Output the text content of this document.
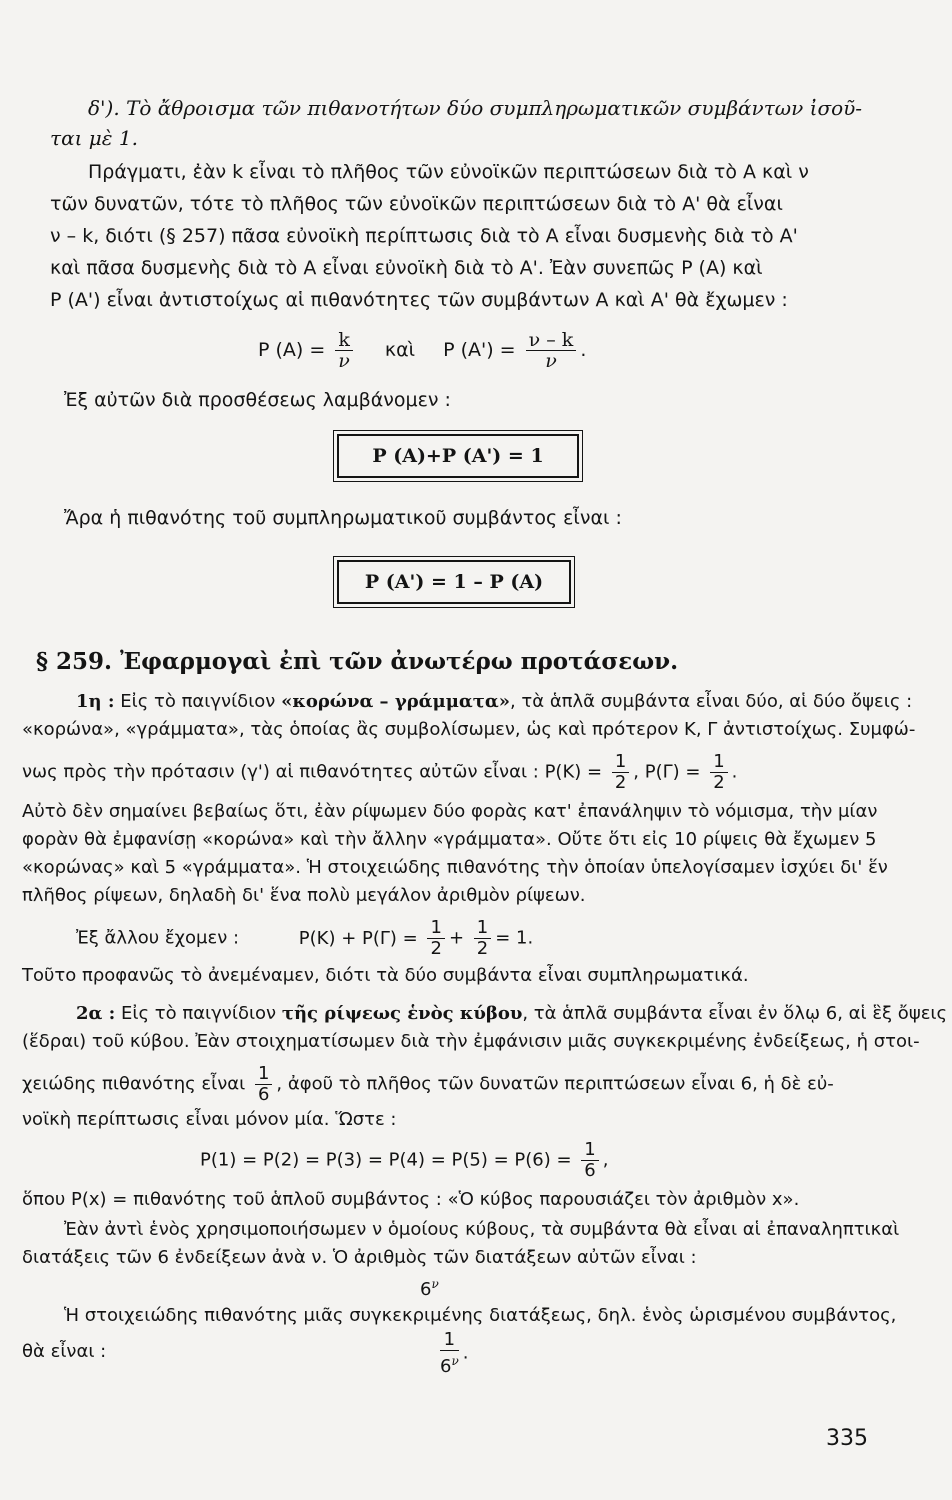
δ'). Τὸ ἄθροισμα τῶν πιθανοτήτων δύο συμπληρωματικῶν συμβάντων ἰσοῦ-
ται μὲ 1.
Πράγματι, ἐὰν k εἶναι τὸ πλῆθος τῶν εὐνοϊκῶν περιπτώσεων διὰ τὸ Α καὶ ν
τῶν δυνατῶν, τότε τὸ πλῆθος τῶν εὐνοϊκῶν περιπτώσεων διὰ τὸ Α' θὰ εἶναι
ν – k, διότι (§ 257) πᾶσα εὐνοϊκὴ περίπτωσις διὰ τὸ Α εἶναι δυσμενὴς διὰ τὸ Α'
καὶ πᾶσα δυσμενὴς διὰ τὸ Α εἶναι εὐνοϊκὴ διὰ τὸ Α'. Ἐὰν συνεπῶς P (A) καὶ
P (A') εἶναι ἀντιστοίχως αἱ πιθανότητες τῶν συμβάντων Α καὶ Α' θὰ ἔχωμεν :
P $(A) = \frac{k}{\nu}$ καὶ P $(A') = \frac{\nu - k}{\nu}$ .
Ἐξ αὐτῶν διὰ προσθέσεως λαμβάνομεν :
P (A)+P (A') = 1
Ἄρα ἡ πιθανότης τοῦ συμπληρωματικοῦ συμβάντος εἶναι :
P (A') = 1 – P (A)
§ 259. Ἐφαρμογαὶ ἐπὶ τῶν ἀνωτέρω προτάσεων.
1η : Εἰς τὸ παιγνίδιον «κορώνα – γράμματα», τὰ ἁπλᾶ συμβάντα εἶναι δύο, αἱ δύο ὄψεις :
«κορώνα», «γράμματα», τὰς ὁποίας ἂς συμβολίσωμεν, ὡς καὶ πρότερον Κ, Γ ἀντιστοίχως. Συμφώ-
νως πρὸς τὴν πρότασιν (γ') αἱ πιθανότητες αὐτῶν εἶναι : $P(K) = \frac{1}{2}$ , $P(\Gamma) = \frac{1}{2}$ .
Αὐτὸ δὲν σημαίνει βεβαίως ὅτι, ἐὰν ρίψωμεν δύο φορὰς κατ' ἐπανάληψιν τὸ νόμισμα, τὴν μίαν
φορὰν θὰ ἐμφανίσῃ «κορώνα» καὶ τὴν ἄλλην «γράμματα». Οὔτε ὅτι εἰς 10 ρίψεις θὰ ἔχωμεν 5
«κορώνας» καὶ 5 «γράμματα». Ἡ στοιχειώδης πιθανότης τὴν ὁποίαν ὑπελογίσαμεν ἰσχύει δι' ἕν
πλῆθος ρίψεων, δηλαδὴ δι' ἕνα πολὺ μεγάλον ἀριθμὸν ρίψεων.
Ἐξ ἄλλου ἔχομεν :	$P(K) + P(\Gamma) = \frac{1}{2} + \frac{1}{2} = 1$.
Τοῦτο προφανῶς τὸ ἀνεμέναμεν, διότι τὰ δύο συμβάντα εἶναι συμπληρωματικά.
2α : Εἰς τὸ παιγνίδιον τῆς ρίψεως ἑνὸς κύβου, τὰ ἁπλᾶ συμβάντα εἶναι ἐν ὅλῳ 6, αἱ ἓξ ὄψεις
(ἕδραι) τοῦ κύβου. Ἐὰν στοιχηματίσωμεν διὰ τὴν ἐμφάνισιν μιᾶς συγκεκριμένης ἐνδείξεως, ἡ στοι-
χειώδης πιθανότης εἶναι $\frac{1}{6}$ , ἀφοῦ τὸ πλῆθος τῶν δυνατῶν περιπτώσεων εἶναι 6, ἡ δὲ εὐ-
νοϊκὴ περίπτωσις εἶναι μόνον μία. Ὥστε :
$P(1) = P(2) = P(3) = P(4) = P(5) = P(6) = \frac{1}{6}$ ,
ὅπου P(x) = πιθανότης τοῦ ἁπλοῦ συμβάντος : «Ὁ κύβος παρουσιάζει τὸν ἀριθμὸν x».
Ἐὰν ἀντὶ ἑνὸς χρησιμοποιήσωμεν ν ὁμοίους κύβους, τὰ συμβάντα θὰ εἶναι αἱ ἐπαναληπτικαὶ
διατάξεις τῶν 6 ἐνδείξεων ἀνὰ ν. Ὁ ἀριθμὸς τῶν διατάξεων αὐτῶν εἶναι :
$6^\nu$
Ἡ στοιχειώδης πιθανότης μιᾶς συγκεκριμένης διατάξεως, δηλ. ἑνὸς ὡρισμένου συμβάντος,
θὰ εἶναι :	$\frac{1}{6^\nu}$ .
335
